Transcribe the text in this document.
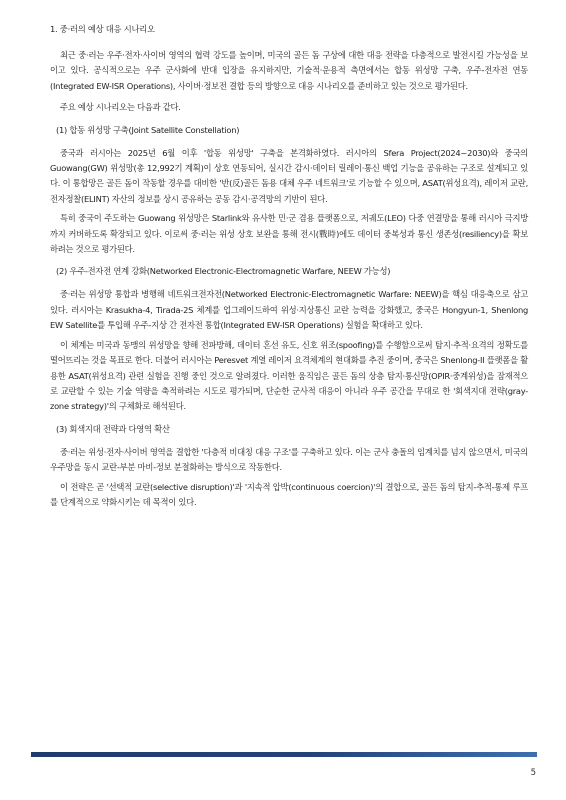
1. 중·러의 예상 대응 시나리오
최근 중·러는 우주·전자·사이버 영역의 협력 강도를 높이며, 미국의 골든 돔 구상에 대한 대응 전략을 다층적으로 발전시킬 가능성을 보이고 있다. 공식적으로는 우주 군사화에 반대 입장을 유지하지만, 기술적·운용적 측면에서는 합동 위성망 구축, 우주-전자전 연동(Integrated EW-ISR Operations), 사이버·정보전 결합 등의 방향으로 대응 시나리오를 준비하고 있는 것으로 평가된다.
주요 예상 시나리오는 다음과 같다.
(1) 합동 위성망 구축(Joint Satellite Constellation)
중국과 러시아는 2025년 6월 이후 '합동 위성망' 구축을 본격화하였다. 러시아의 Sfera Project(2024~2030)와 중국의 Guowang(GW) 위성망(총 12,992기 계획)이 상호 연동되어, 실시간 감시·데이터 릴레이·통신 백업 기능을 공유하는 구조로 설계되고 있다. 이 통합망은 골든 돔이 작동할 경우를 대비한 '반(反)골든 돔용 대체 우주 네트워크'로 기능할 수 있으며, ASAT(위성요격), 레이저 교란, 전자정찰(ELINT) 자산의 정보를 상시 공유하는 공동 감시·공격망의 기반이 된다.
특히 중국이 주도하는 Guowang 위성망은 Starlink와 유사한 민·군 겸용 플랫폼으로, 저궤도(LEO) 다중 연결망을 통해 러시아 극지방까지 커버하도록 확장되고 있다. 이로써 중·러는 위성 상호 보완을 통해 전시(戰時)에도 데이터 중복성과 통신 생존성(resiliency)을 확보하려는 것으로 평가된다.
(2) 우주-전자전 연계 강화(Networked Electronic-Electromagnetic Warfare, NEEW 가능성)
중·러는 위성망 통합과 병행해 네트워크전자전(Networked Electronic-Electromagnetic Warfare: NEEW)을 핵심 대응축으로 삼고 있다. 러시아는 Krasukha-4, Tirada-2S 체계를 업그레이드하여 위성·지상통신 교란 능력을 강화했고, 중국은 Hongyun-1, Shenlong EW Satellite를 투입해 우주-지상 간 전자전 통합(Integrated EW-ISR Operations) 실험을 확대하고 있다.
이 체계는 미국과 동맹의 위성망을 향해 전파방해, 데이터 혼선 유도, 신호 위조(spoofing)를 수행함으로써 탐지·추적·요격의 정확도를 떨어뜨리는 것을 목표로 한다. 더불어 러시아는 Peresvet 계열 레이저 요격체계의 현대화를 추진 중이며, 중국은 Shenlong-II 플랫폼을 활용한 ASAT(위성요격) 관련 실험을 진행 중인 것으로 알려졌다. 이러한 움직임은 골든 돔의 상층 탐지·통신망(OPIR·중계위성)을 잠재적으로 교란할 수 있는 기술 역량을 축적하려는 시도로 평가되며, 단순한 군사적 대응이 아니라 우주 공간을 무대로 한 '회색지대 전략(gray-zone strategy)'의 구체화로 해석된다.
(3) 회색지대 전략과 다영역 확산
중·러는 위성·전자·사이버 영역을 결합한 '다층적 비대칭 대응 구조'를 구축하고 있다. 이는 군사 충돌의 임계치를 넘지 않으면서, 미국의 우주망을 동시 교란-부분 마비-정보 분절화하는 방식으로 작동한다.
이 전략은 곧 '선택적 교란(selective disruption)'과 '지속적 압박(continuous coercion)'의 결합으로, 골든 돔의 탐지-추적-통제 루프를 단계적으로 약화시키는 데 목적이 있다.
5
